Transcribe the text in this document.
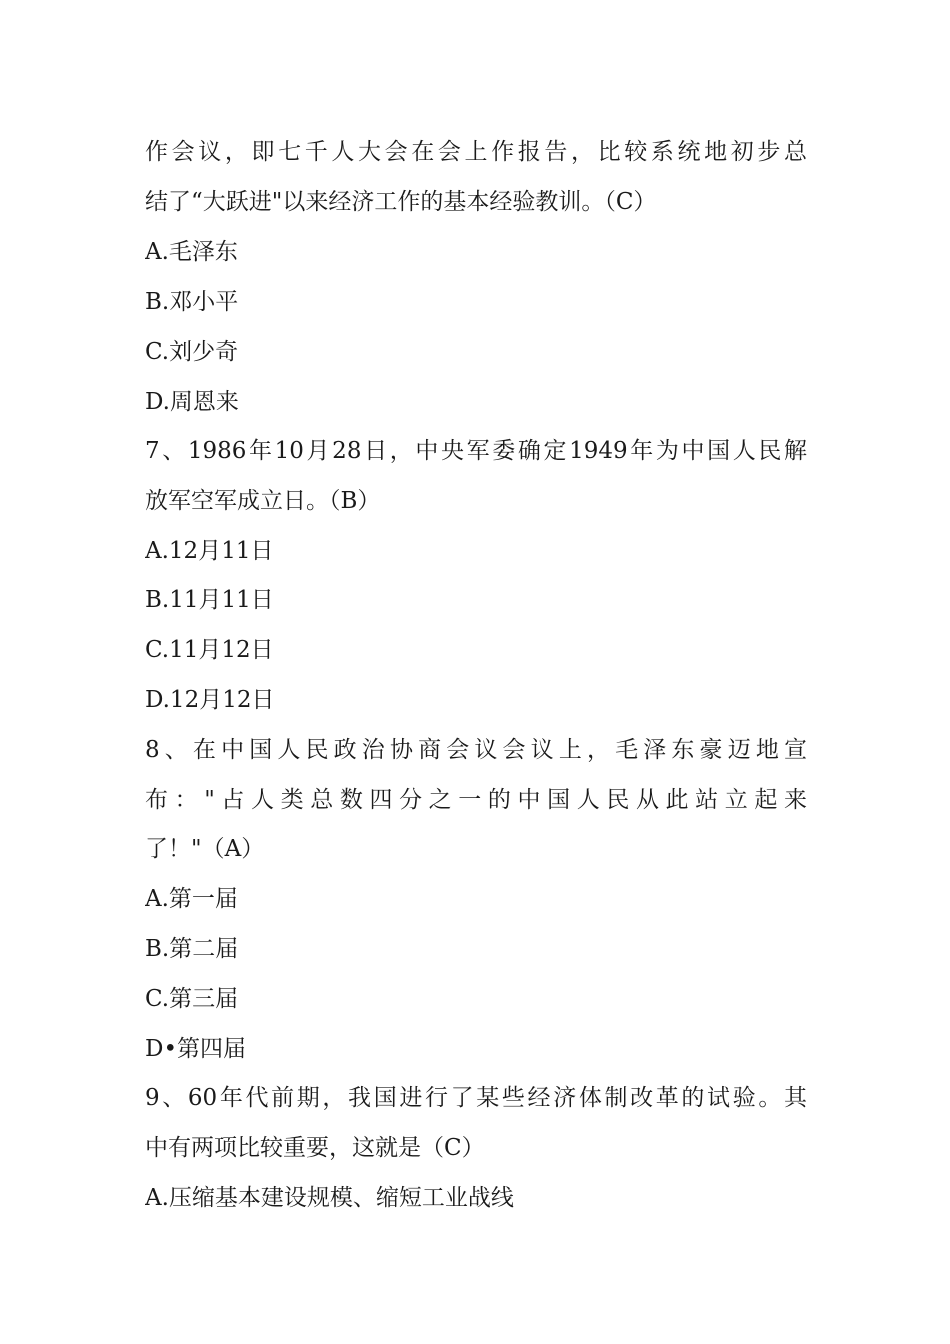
作会议，即七千人大会在会上作报告，比较系统地初步总
结了“大跃进"以来经济工作的基本经验教训。（C）
A.毛泽东
B.邓小平
C.刘少奇
D.周恩来
7、1986年10月28日，中央军委确定1949年为中国人民解
放军空军成立日。（B）
A.12月11日
B.11月11日
C.11月12日
D.12月12日
8、在中国人民政治协商会议会议上，毛泽东豪迈地宣
布："占人类总数四分之一的中国人民从此站立起来
了！"（A）
A.第一届
B.第二届
C.第三届
D•第四届
9、60年代前期，我国进行了某些经济体制改革的试验。其
中有两项比较重要，这就是（C）
A.压缩基本建设规模、缩短工业战线
